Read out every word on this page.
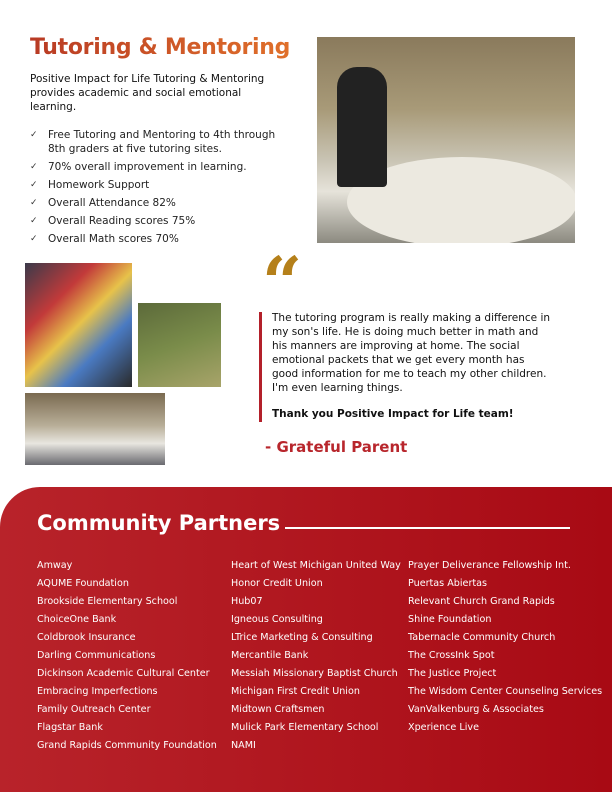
Tutoring & Mentoring
Positive Impact for Life Tutoring & Mentoring provides academic and social emotional learning.
✓ Free Tutoring and Mentoring to 4th through 8th graders at five tutoring sites.
✓ 70% overall improvement in learning.
✓ Homework Support
✓ Overall Attendance 82%
✓ Overall Reading scores 75%
✓ Overall Math scores 70%
“
The tutoring program is really making a difference in my son's life. He is doing much better in math and his manners are improving at home. The social emotional packets that we get every month has good information for me to teach my other children. I'm even learning things.
Thank you Positive Impact for Life team!
- Grateful Parent
Community Partners
Amway
AQUME Foundation
Brookside Elementary School
ChoiceOne Bank
Coldbrook Insurance
Darling Communications
Dickinson Academic Cultural Center
Embracing Imperfections
Family Outreach Center
Flagstar Bank
Grand Rapids Community Foundation
Heart of West Michigan United Way
Honor Credit Union
Hub07
Igneous Consulting
LTrice Marketing & Consulting
Mercantile Bank
Messiah Missionary Baptist Church
Michigan First Credit Union
Midtown Craftsmen
Mulick Park Elementary School
NAMI
Prayer Deliverance Fellowship Int.
Puertas Abiertas
Relevant Church Grand Rapids
Shine Foundation
Tabernacle Community Church
The CrossInk Spot
The Justice Project
The Wisdom Center Counseling Services
VanValkenburg & Associates
Xperience Live
